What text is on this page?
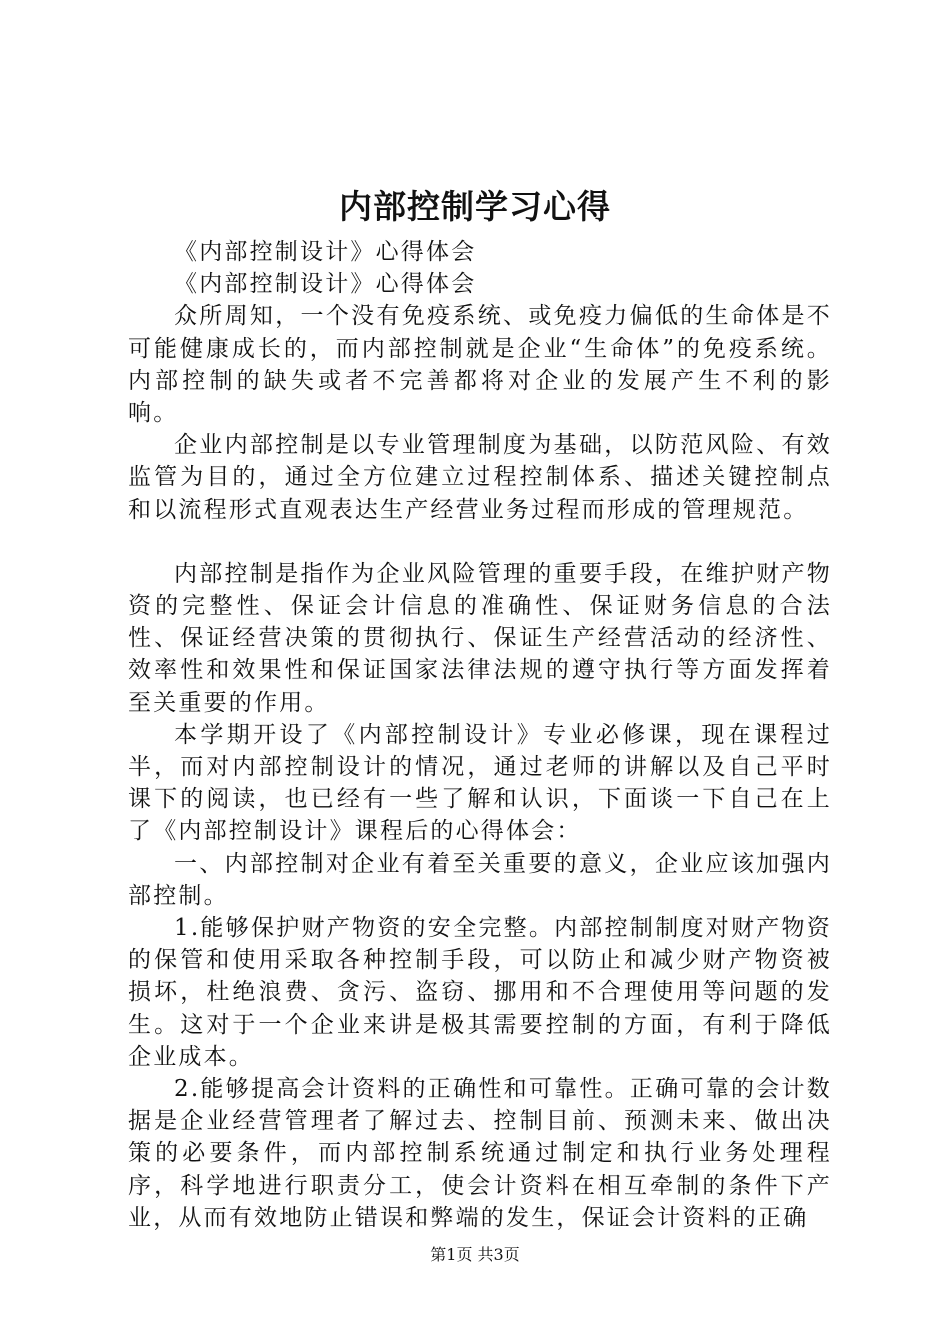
内部控制学习心得

《内部控制设计》心得体会

《内部控制设计》心得体会

众所周知，一个没有免疫系统、或免疫力偏低的生命体是不可能健康成长的，而内部控制就是企业“生命体”的免疫系统。内部控制的缺失或者不完善都将对企业的发展产生不利的影响。

企业内部控制是以专业管理制度为基础，以防范风险、有效监管为目的，通过全方位建立过程控制体系、描述关键控制点和以流程形式直观表达生产经营业务过程而形成的管理规范。

内部控制是指作为企业风险管理的重要手段，在维护财产物资的完整性、保证会计信息的准确性、保证财务信息的合法性、保证经营决策的贯彻执行、保证生产经营活动的经济性、效率性和效果性和保证国家法律法规的遵守执行等方面发挥着至关重要的作用。

本学期开设了《内部控制设计》专业必修课，现在课程过半，而对内部控制设计的情况，通过老师的讲解以及自己平时课下的阅读，也已经有一些了解和认识，下面谈一下自己在上了《内部控制设计》课程后的心得体会：

一、内部控制对企业有着至关重要的意义，企业应该加强内部控制。

1.能够保护财产物资的安全完整。内部控制制度对财产物资的保管和使用采取各种控制手段，可以防止和减少财产物资被损坏，杜绝浪费、贪污、盗窃、挪用和不合理使用等问题的发生。这对于一个企业来讲是极其需要控制的方面，有利于降低企业成本。

2.能够提高会计资料的正确性和可靠性。正确可靠的会计数据是企业经营管理者了解过去、控制目前、预测未来、做出决策的必要条件，而内部控制系统通过制定和执行业务处理程序，科学地进行职责分工，使会计资料在相互牵制的条件下产业，从而有效地防止错误和弊端的发生，保证会计资料的正确

第1页 共3页
